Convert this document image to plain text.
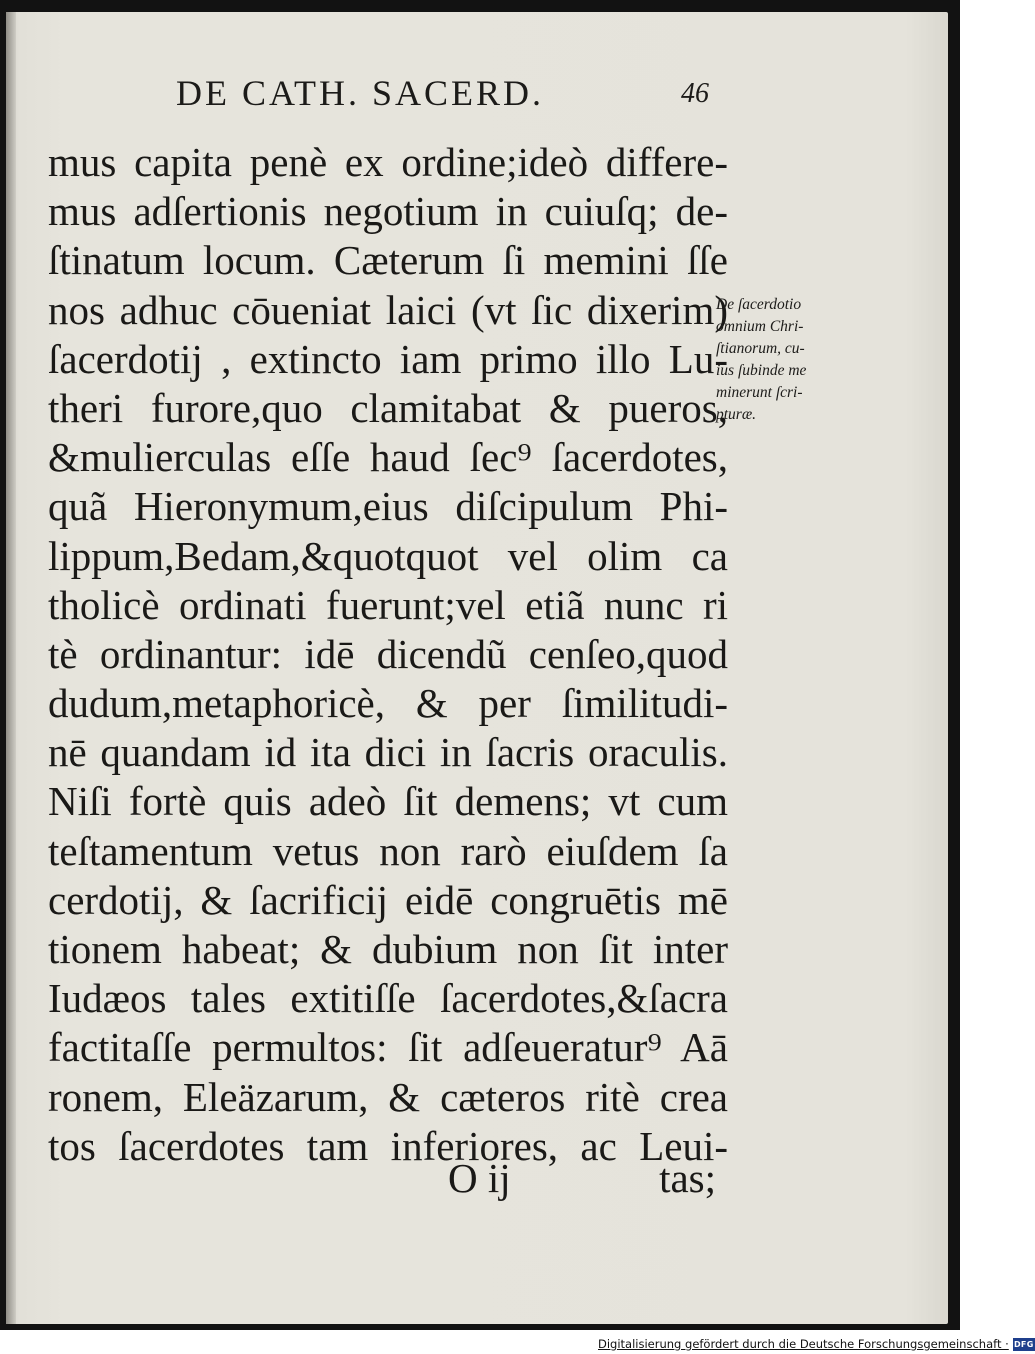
DE CATH. SACERD.	46
mus capita penè ex ordine;ideò differe-
mus adſertionis negotium in cuiuſq; de-
ſtinatum locum. Cæterum ſi memini ſſe
nos adhuc cōueniat laici (vt ſic dixerim)
ſacerdotij , extincto iam primo illo Lu-
theri furore,quo clamitabat & pueros,
&mulierculas eſſe haud ſec⁹ ſacerdotes,
quã Hieronymum,eius diſcipulum Phi-
lippum,Bedam,&quotquot vel olim ca
tholicè ordinati fuerunt;vel etiã nunc ri
tè ordinantur: idē dicendũ cenſeo,quod
dudum,metaphoricè, & per ſimilitudi-
nē quandam id ita dici in ſacris oraculis.
Niſi fortè quis adeò ſit demens; vt cum
teſtamentum vetus non rarò eiuſdem ſa
cerdotij, & ſacrificij eidē congruētis mē
tionem habeat; & dubium non ſit inter
Iudæos tales extitiſſe ſacerdotes,&ſacra
factitaſſe permultos: ſit adſeueratur⁹ Aā
ronem, Eleäzarum, & cæteros ritè crea
tos ſacerdotes tam inferiores, ac Leui-
De ſacerdotio
omnium Chri-
ſtianorum, cu-
ius ſubinde me
minerunt ſcri-
pturæ.
O ij	tas;
Digitalisierung gefördert durch die Deutsche Forschungsgemeinschaft · DFG
